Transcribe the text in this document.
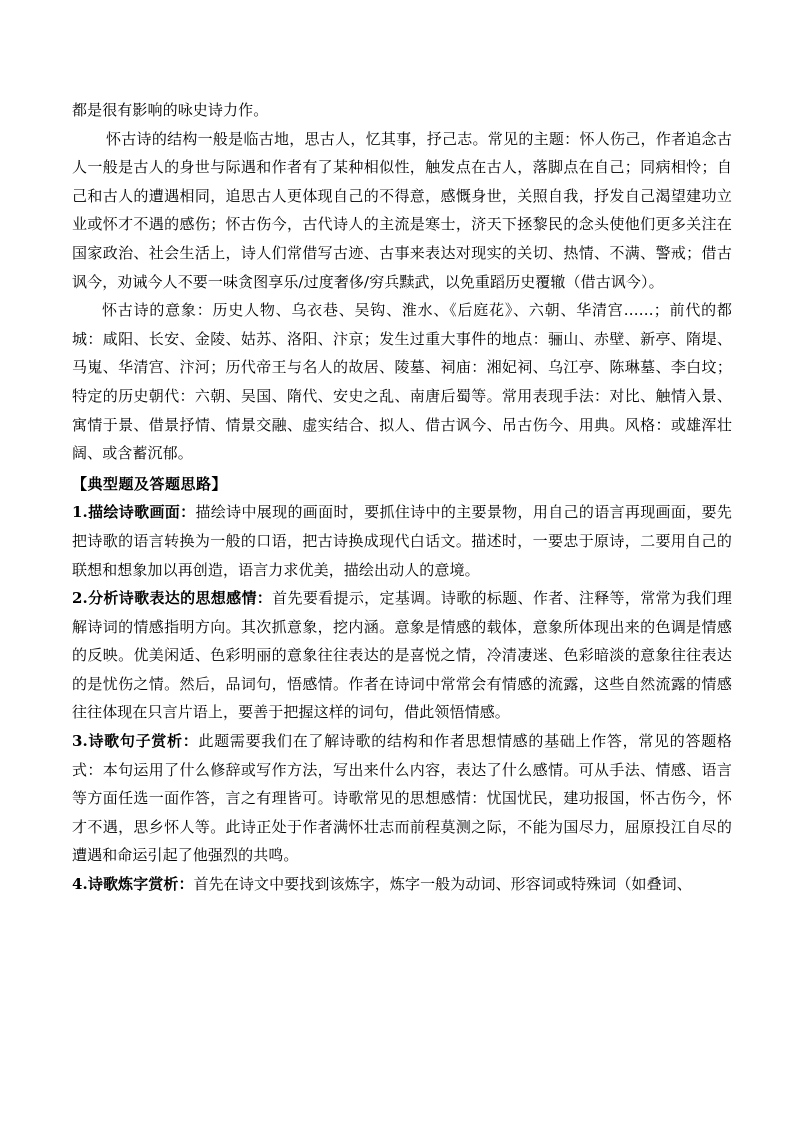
都是很有影响的咏史诗力作。

怀古诗的结构一般是临古地，思古人，忆其事，抒己志。常见的主题：怀人伤己，作者追念古人一般是古人的身世与际遇和作者有了某种相似性，触发点在古人，落脚点在自己；同病相怜；自己和古人的遭遇相同，追思古人更体现自己的不得意，感慨身世，关照自我，抒发自己渴望建功立业或怀才不遇的感伤；怀古伤今，古代诗人的主流是寒士，济天下拯黎民的念头使他们更多关注在国家政治、社会生活上，诗人们常借写古迹、古事来表达对现实的关切、热情、不满、警戒；借古讽今，劝诫今人不要一味贪图享乐/过度奢侈/穷兵黩武，以免重蹈历史覆辙（借古讽今）。

怀古诗的意象：历史人物、乌衣巷、吴钩、淮水、《后庭花》、六朝、华清宫……；前代的都城：咸阳、长安、金陵、姑苏、洛阳、汴京；发生过重大事件的地点：骊山、赤壁、新亭、隋堤、马嵬、华清宫、汴河；历代帝王与名人的故居、陵墓、祠庙：湘妃祠、乌江亭、陈琳墓、李白坟；特定的历史朝代：六朝、吴国、隋代、安史之乱、南唐后蜀等。常用表现手法：对比、触情入景、寓情于景、借景抒情、情景交融、虚实结合、拟人、借古讽今、吊古伤今、用典。风格：或雄浑壮阔、或含蓄沉郁。

【典型题及答题思路】

1.描绘诗歌画面：描绘诗中展现的画面时，要抓住诗中的主要景物，用自己的语言再现画面，要先把诗歌的语言转换为一般的口语，把古诗换成现代白话文。描述时，一要忠于原诗，二要用自己的联想和想象加以再创造，语言力求优美，描绘出动人的意境。

2.分析诗歌表达的思想感情：首先要看提示，定基调。诗歌的标题、作者、注释等，常常为我们理解诗词的情感指明方向。其次抓意象，挖内涵。意象是情感的载体，意象所体现出来的色调是情感的反映。优美闲适、色彩明丽的意象往往表达的是喜悦之情，冷清凄迷、色彩暗淡的意象往往表达的是忧伤之情。然后，品词句，悟感情。作者在诗词中常常会有情感的流露，这些自然流露的情感往往体现在只言片语上，要善于把握这样的词句，借此领悟情感。

3.诗歌句子赏析：此题需要我们在了解诗歌的结构和作者思想情感的基础上作答，常见的答题格式：本句运用了什么修辞或写作方法，写出来什么内容，表达了什么感情。可从手法、情感、语言等方面任选一面作答，言之有理皆可。诗歌常见的思想感情：忧国忧民，建功报国，怀古伤今，怀才不遇，思乡怀人等。此诗正处于作者满怀壮志而前程莫测之际，不能为国尽力，屈原投江自尽的遭遇和命运引起了他强烈的共鸣。

4.诗歌炼字赏析：首先在诗文中要找到该炼字，炼字一般为动词、形容词或特殊词（如叠词、
